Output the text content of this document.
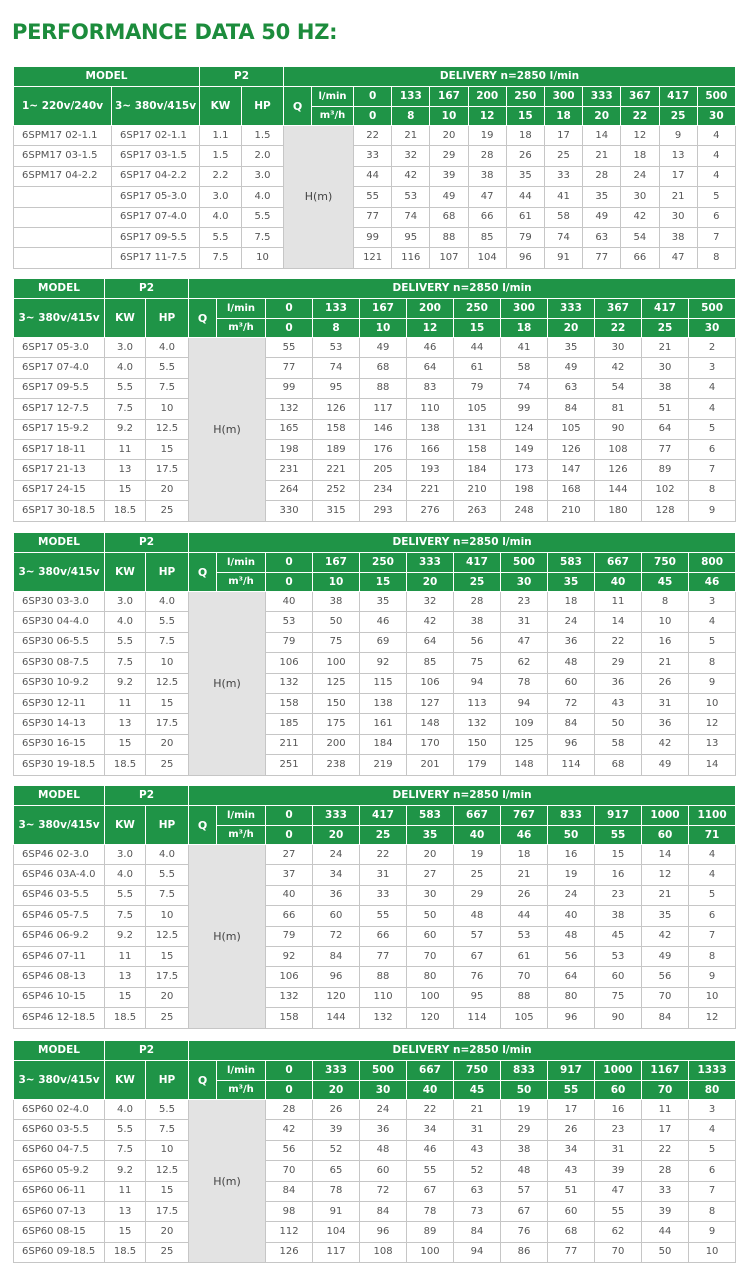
PERFORMANCE DATA 50 HZ:
MODEL		P2		DELIVERY n=2850 l/min											
1~ 220v/240v	3~ 380v/415v	KW	HP	Q	l/min	0	133	167	200	250	300	333	367	417	500
					m³/h	0	8	10	12	15	18	20	22	25	30
6SPM17 02-1.1	6SP17 02-1.1	1.1	1.5	H(m)		22	21	20	19	18	17	14	12	9	4
6SPM17 03-1.5	6SP17 03-1.5	1.5	2.0			33	32	29	28	26	25	21	18	13	4
6SPM17 04-2.2	6SP17 04-2.2	2.2	3.0			44	42	39	38	35	33	28	24	17	4
	6SP17 05-3.0	3.0	4.0			55	53	49	47	44	41	35	30	21	5
	6SP17 07-4.0	4.0	5.5			77	74	68	66	61	58	49	42	30	6
	6SP17 09-5.5	5.5	7.5			99	95	88	85	79	74	63	54	38	7
	6SP17 11-7.5	7.5	10			121	116	107	104	96	91	77	66	47	8
MODEL	P2		DELIVERY n=2850 l/min											
3~ 380v/415v	KW	HP	Q	l/min	0	133	167	200	250	300	333	367	417	500
				m³/h	0	8	10	12	15	18	20	22	25	30
6SP17 05-3.0	3.0	4.0	H(m)		55	53	49	46	44	41	35	30	21	2
6SP17 07-4.0	4.0	5.5			77	74	68	64	61	58	49	42	30	3
6SP17 09-5.5	5.5	7.5			99	95	88	83	79	74	63	54	38	4
6SP17 12-7.5	7.5	10			132	126	117	110	105	99	84	81	51	4
6SP17 15-9.2	9.2	12.5			165	158	146	138	131	124	105	90	64	5
6SP17 18-11	11	15			198	189	176	166	158	149	126	108	77	6
6SP17 21-13	13	17.5			231	221	205	193	184	173	147	126	89	7
6SP17 24-15	15	20			264	252	234	221	210	198	168	144	102	8
6SP17 30-18.5	18.5	25			330	315	293	276	263	248	210	180	128	9
MODEL	P2		DELIVERY n=2850 l/min											
3~ 380v/415v	KW	HP	Q	l/min	0	167	250	333	417	500	583	667	750	800
				m³/h	0	10	15	20	25	30	35	40	45	46
6SP30 03-3.0	3.0	4.0	H(m)		40	38	35	32	28	23	18	11	8	3
6SP30 04-4.0	4.0	5.5			53	50	46	42	38	31	24	14	10	4
6SP30 06-5.5	5.5	7.5			79	75	69	64	56	47	36	22	16	5
6SP30 08-7.5	7.5	10			106	100	92	85	75	62	48	29	21	8
6SP30 10-9.2	9.2	12.5			132	125	115	106	94	78	60	36	26	9
6SP30 12-11	11	15			158	150	138	127	113	94	72	43	31	10
6SP30 14-13	13	17.5			185	175	161	148	132	109	84	50	36	12
6SP30 16-15	15	20			211	200	184	170	150	125	96	58	42	13
6SP30 19-18.5	18.5	25			251	238	219	201	179	148	114	68	49	14
MODEL	P2		DELIVERY n=2850 l/min											
3~ 380v/415v	KW	HP	Q	l/min	0	333	417	583	667	767	833	917	1000	1100
				m³/h	0	20	25	35	40	46	50	55	60	71
6SP46 02-3.0	3.0	4.0	H(m)		27	24	22	20	19	18	16	15	14	4
6SP46 03A-4.0	4.0	5.5			37	34	31	27	25	21	19	16	12	4
6SP46 03-5.5	5.5	7.5			40	36	33	30	29	26	24	23	21	5
6SP46 05-7.5	7.5	10			66	60	55	50	48	44	40	38	35	6
6SP46 06-9.2	9.2	12.5			79	72	66	60	57	53	48	45	42	7
6SP46 07-11	11	15			92	84	77	70	67	61	56	53	49	8
6SP46 08-13	13	17.5			106	96	88	80	76	70	64	60	56	9
6SP46 10-15	15	20			132	120	110	100	95	88	80	75	70	10
6SP46 12-18.5	18.5	25			158	144	132	120	114	105	96	90	84	12
MODEL	P2		DELIVERY n=2850 l/min											
3~ 380v/415v	KW	HP	Q	l/min	0	333	500	667	750	833	917	1000	1167	1333
				m³/h	0	20	30	40	45	50	55	60	70	80
6SP60 02-4.0	4.0	5.5	H(m)		28	26	24	22	21	19	17	16	11	3
6SP60 03-5.5	5.5	7.5			42	39	36	34	31	29	26	23	17	4
6SP60 04-7.5	7.5	10			56	52	48	46	43	38	34	31	22	5
6SP60 05-9.2	9.2	12.5			70	65	60	55	52	48	43	39	28	6
6SP60 06-11	11	15			84	78	72	67	63	57	51	47	33	7
6SP60 07-13	13	17.5			98	91	84	78	73	67	60	55	39	8
6SP60 08-15	15	20			112	104	96	89	84	76	68	62	44	9
6SP60 09-18.5	18.5	25			126	117	108	100	94	86	77	70	50	10
